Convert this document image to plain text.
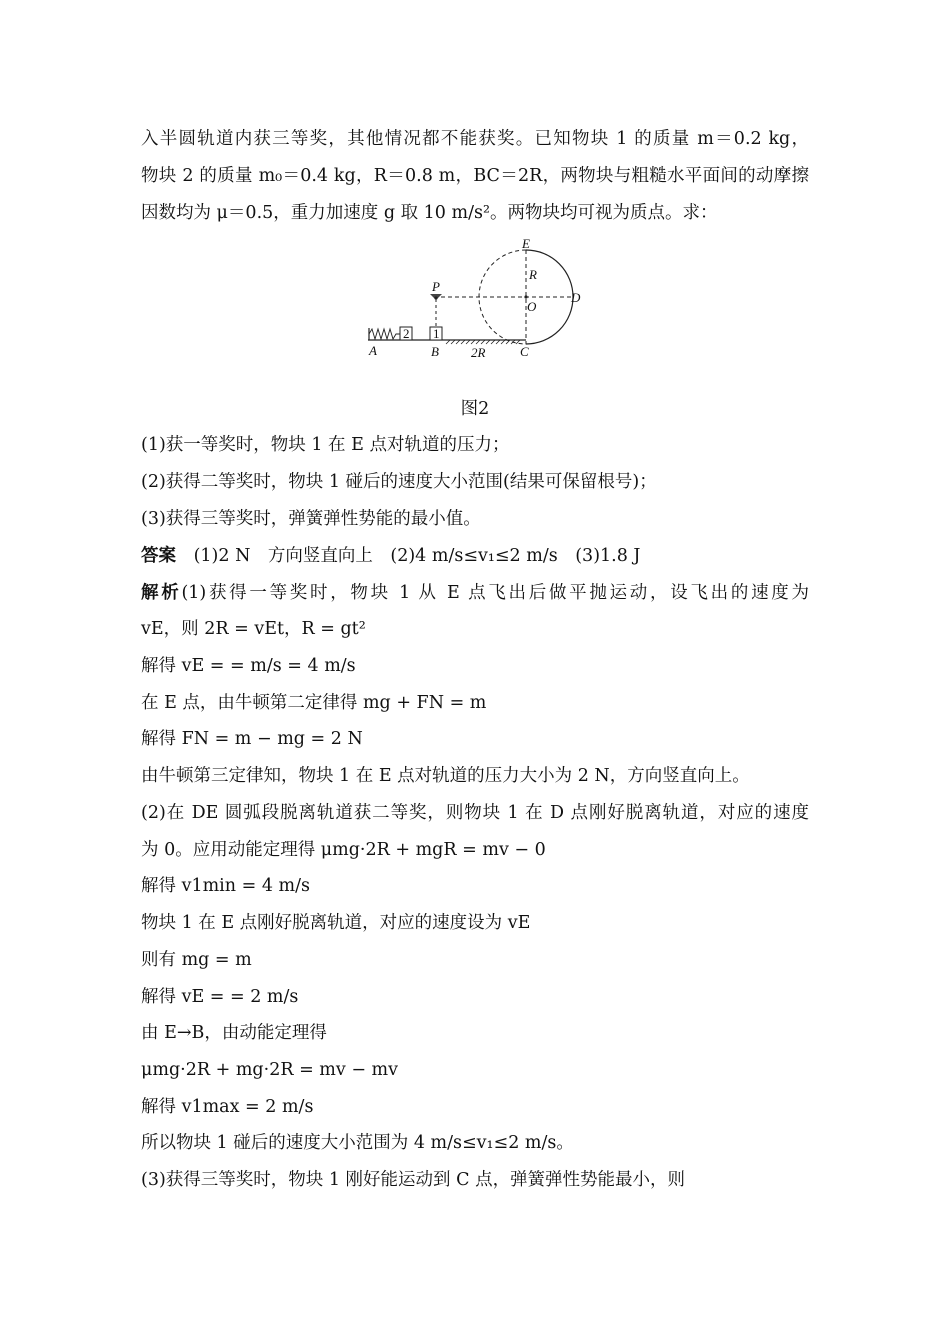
入半圆轨道内获三等奖，其他情况都不能获奖。已知物块 1 的质量 m＝0.2 kg，
物块 2 的质量 m₀＝0.4 kg，R＝0.8 m，BC＝2R，两物块与粗糙水平面间的动摩擦
因数均为 μ＝0.5，重力加速度 g 取 10 m/s²。两物块均可视为质点。求：
2 1
E
R
O
D
P
A	B	C
2R
图2
(1)获一等奖时，物块 1 在 E 点对轨道的压力；
(2)获得二等奖时，物块 1 碰后的速度大小范围(结果可保留根号)；
(3)获得三等奖时，弹簧弹性势能的最小值。
答案 (1)2 N　方向竖直向上　(2)4 m/s≤v₁≤2 m/s　(3)1.8 J
解析(1)获得一等奖时，物块 1 从 E 点飞出后做平抛运动，设飞出的速度为
vE，则 2R = vEt，R = gt²
解得 vE = = m/s = 4 m/s
在 E 点，由牛顿第二定律得 mg + FN = m
解得 FN = m − mg = 2 N
由牛顿第三定律知，物块 1 在 E 点对轨道的压力大小为 2 N，方向竖直向上。
(2)在 DE 圆弧段脱离轨道获二等奖，则物块 1 在 D 点刚好脱离轨道，对应的速度
为 0。应用动能定理得 μmg·2R + mgR = mv − 0
解得 v1min = 4 m/s
物块 1 在 E 点刚好脱离轨道，对应的速度设为 vE
则有 mg = m
解得 vE = = 2 m/s
由 E→B，由动能定理得
μmg·2R + mg·2R = mv − mv
解得 v1max = 2 m/s
所以物块 1 碰后的速度大小范围为 4 m/s≤v₁≤2 m/s。
(3)获得三等奖时，物块 1 刚好能运动到 C 点，弹簧弹性势能最小，则
